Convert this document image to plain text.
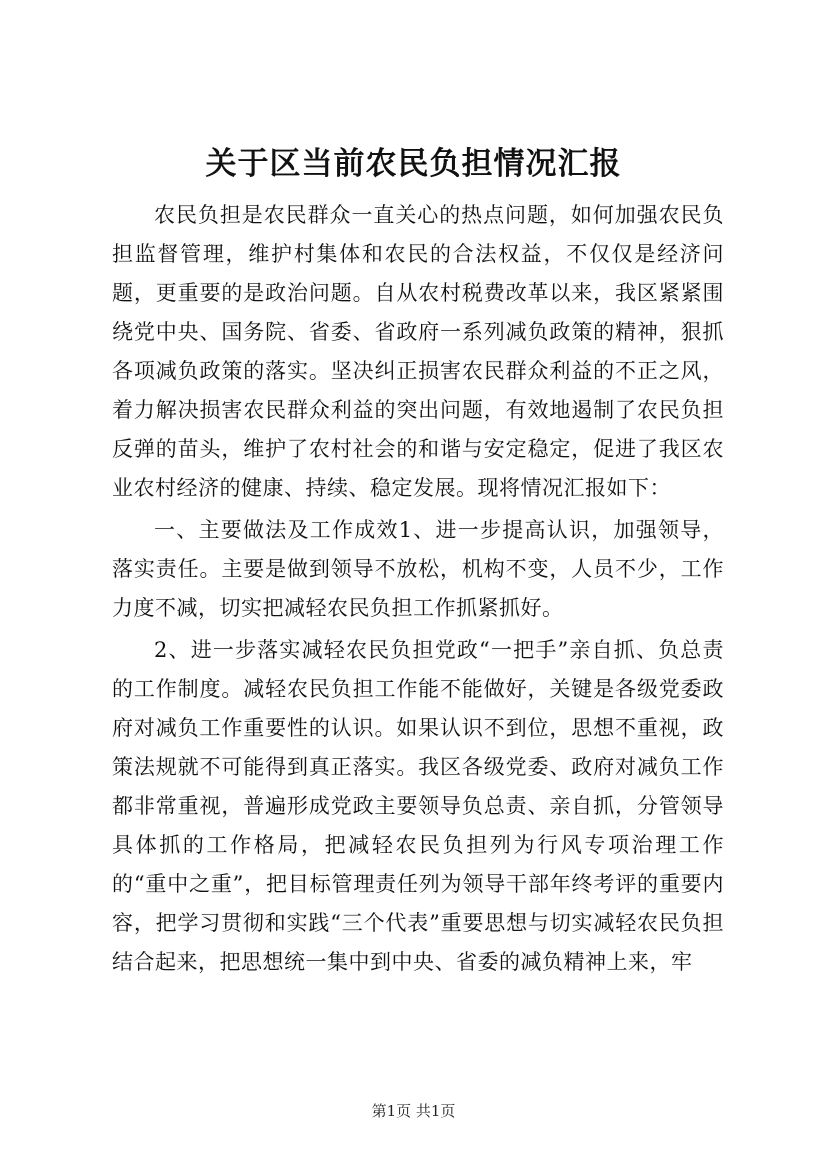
关于区当前农民负担情况汇报

农民负担是农民群众一直关心的热点问题，如何加强农民负担监督管理，维护村集体和农民的合法权益，不仅仅是经济问题，更重要的是政治问题。自从农村税费改革以来，我区紧紧围绕党中央、国务院、省委、省政府一系列减负政策的精神，狠抓各项减负政策的落实。坚决纠正损害农民群众利益的不正之风，着力解决损害农民群众利益的突出问题，有效地遏制了农民负担反弹的苗头，维护了农村社会的和谐与安定稳定，促进了我区农业农村经济的健康、持续、稳定发展。现将情况汇报如下：

一、主要做法及工作成效1、进一步提高认识，加强领导，落实责任。主要是做到领导不放松，机构不变，人员不少，工作力度不减，切实把减轻农民负担工作抓紧抓好。

2、进一步落实减轻农民负担党政“一把手”亲自抓、负总责的工作制度。减轻农民负担工作能不能做好，关键是各级党委政府对减负工作重要性的认识。如果认识不到位，思想不重视，政策法规就不可能得到真正落实。我区各级党委、政府对减负工作都非常重视，普遍形成党政主要领导负总责、亲自抓，分管领导具体抓的工作格局，把减轻农民负担列为行风专项治理工作的“重中之重”，把目标管理责任列为领导干部年终考评的重要内容，把学习贯彻和实践“三个代表”重要思想与切实减轻农民负担结合起来，把思想统一集中到中央、省委的减负精神上来，牢

第1页 共1页
